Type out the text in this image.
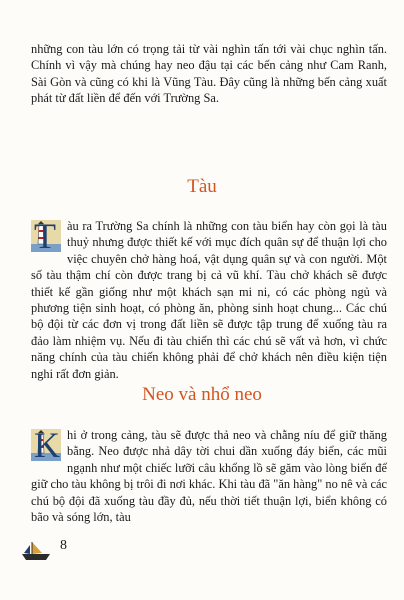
những con tàu lớn có trọng tải từ vài nghìn tấn tới vài chục nghìn tấn. Chính vì vậy mà chúng hay neo đậu tại các bến cảng như Cam Ranh, Sài Gòn và cũng có khi là Vũng Tàu. Đây cũng là những bến cảng xuất phát từ đất liền để đến với Trường Sa.

Tàu

T àu ra Trường Sa chính là những con tàu biển hay còn gọi là tàu thuỷ nhưng được thiết kế với mục đích quân sự để thuận lợi cho việc chuyên chở hàng hoá, vật dụng quân sự và con người. Một số tàu thậm chí còn được trang bị cả vũ khí. Tàu chở khách sẽ được thiết kế gần giống như một khách sạn mi ni, có các phòng ngủ và phương tiện sinh hoạt, có phòng ăn, phòng sinh hoạt chung... Các chú bộ đội từ các đơn vị trong đất liền sẽ được tập trung để xuống tàu ra đảo làm nhiệm vụ. Nếu đi tàu chiến thì các chú sẽ vất vả hơn, vì chức năng chính của tàu chiến không phải để chở khách nên điều kiện tiện nghi rất đơn giản.

Neo và nhổ neo

K hi ở trong cảng, tàu sẽ được thả neo và chằng níu để giữ thăng bằng. Neo được nhả dây tời chui dần xuống đáy biển, các mũi ngạnh như một chiếc lưỡi câu khổng lồ sẽ găm vào lòng biển để giữ cho tàu không bị trôi đi nơi khác. Khi tàu đã "ăn hàng" no nê và các chú bộ đội đã xuống tàu đầy đủ, nếu thời tiết thuận lợi, biển không có bão và sóng lớn, tàu

8
